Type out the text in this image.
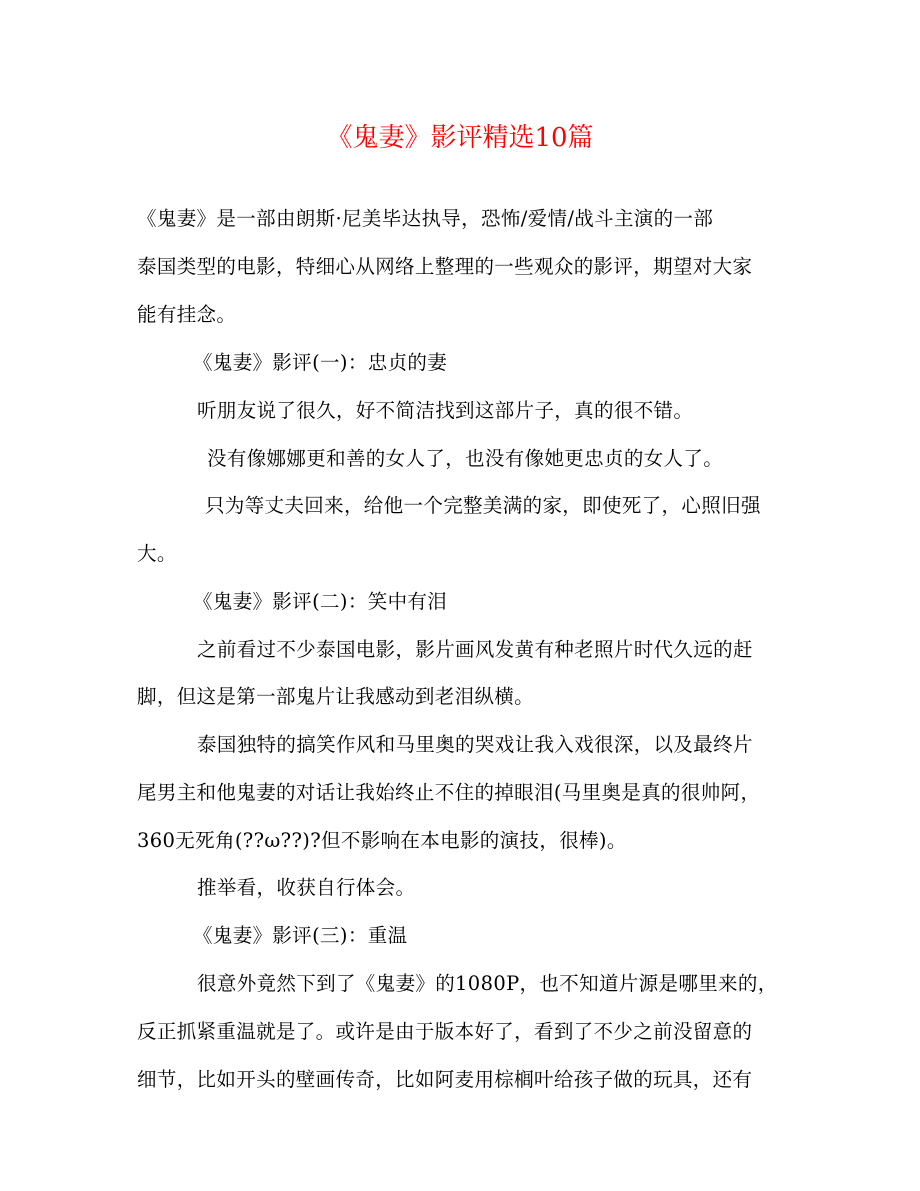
《鬼妻》影评精选10篇
《鬼妻》是一部由朗斯·尼美毕达执导，恐怖/爱情/战斗主演的一部
泰国类型的电影，特细心从网络上整理的一些观众的影评，期望对大家
能有挂念。
《鬼妻》影评(一)：忠贞的妻
听朋友说了很久，好不简洁找到这部片子，真的很不错。
没有像娜娜更和善的女人了，也没有像她更忠贞的女人了。
只为等丈夫回来，给他一个完整美满的家，即使死了，心照旧强
大。
《鬼妻》影评(二)：笑中有泪
之前看过不少泰国电影，影片画风发黄有种老照片时代久远的赶
脚，但这是第一部鬼片让我感动到老泪纵横。
泰国独特的搞笑作风和马里奥的哭戏让我入戏很深，以及最终片
尾男主和他鬼妻的对话让我始终止不住的掉眼泪(马里奥是真的很帅阿，
360无死角(??ω??)?但不影响在本电影的演技，很棒)。
推举看，收获自行体会。
《鬼妻》影评(三)：重温
很意外竟然下到了《鬼妻》的1080P，也不知道片源是哪里来的，
反正抓紧重温就是了。或许是由于版本好了，看到了不少之前没留意的
细节，比如开头的壁画传奇，比如阿麦用棕榈叶给孩子做的玩具，还有
